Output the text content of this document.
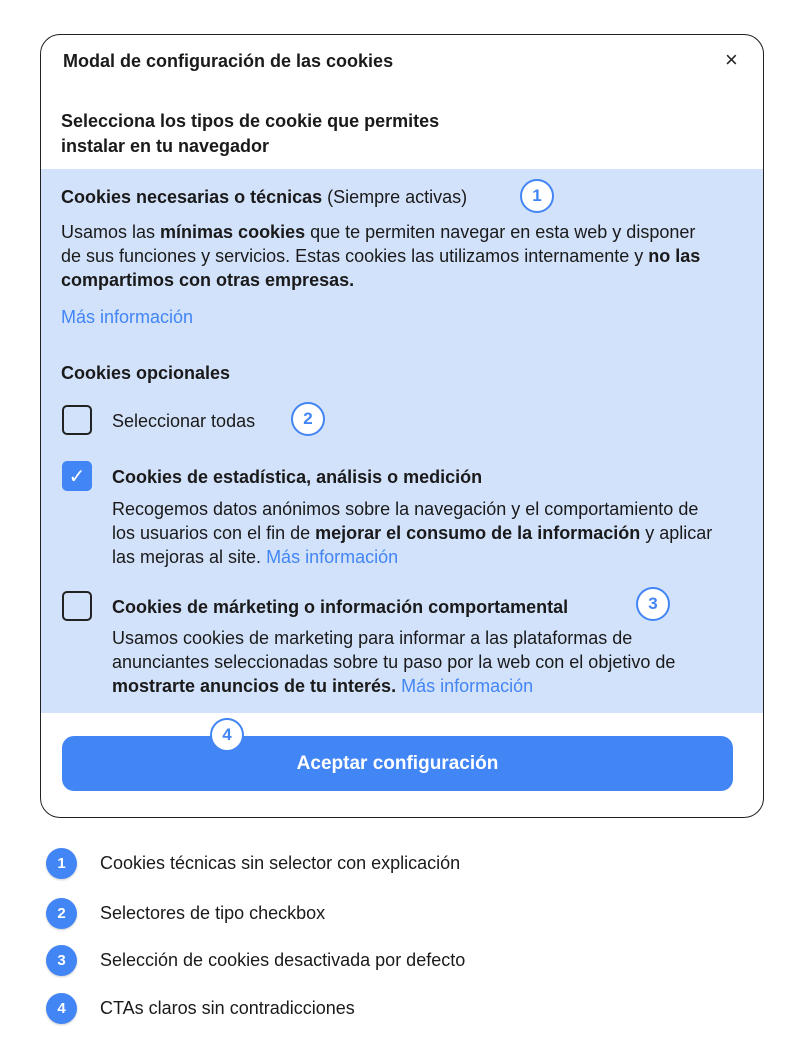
Modal de configuración de las cookies	×
Selecciona los tipos de cookie que permites
instalar en tu navegador
Cookies necesarias o técnicas (Siempre activas)	1
Usamos las mínimas cookies que te permiten navegar en esta web y disponer de sus funciones y servicios. Estas cookies las utilizamos internamente y no las compartimos con otras empresas.
Más información
Cookies opcionales
Seleccionar todas	2
✓ Cookies de estadística, análisis o medición
Recogemos datos anónimos sobre la navegación y el comportamiento de los usuarios con el fin de mejorar el consumo de la información y aplicar las mejoras al site. Más información
Cookies de márketing o información comportamental	3
Usamos cookies de marketing para informar a las plataformas de anunciantes seleccionadas sobre tu paso por la web con el objetivo de mostrarte anuncios de tu interés. Más información
Aceptar configuración
4
1	Cookies técnicas sin selector con explicación
2	Selectores de tipo checkbox
3	Selección de cookies desactivada por defecto
4	CTAs claros sin contradicciones
